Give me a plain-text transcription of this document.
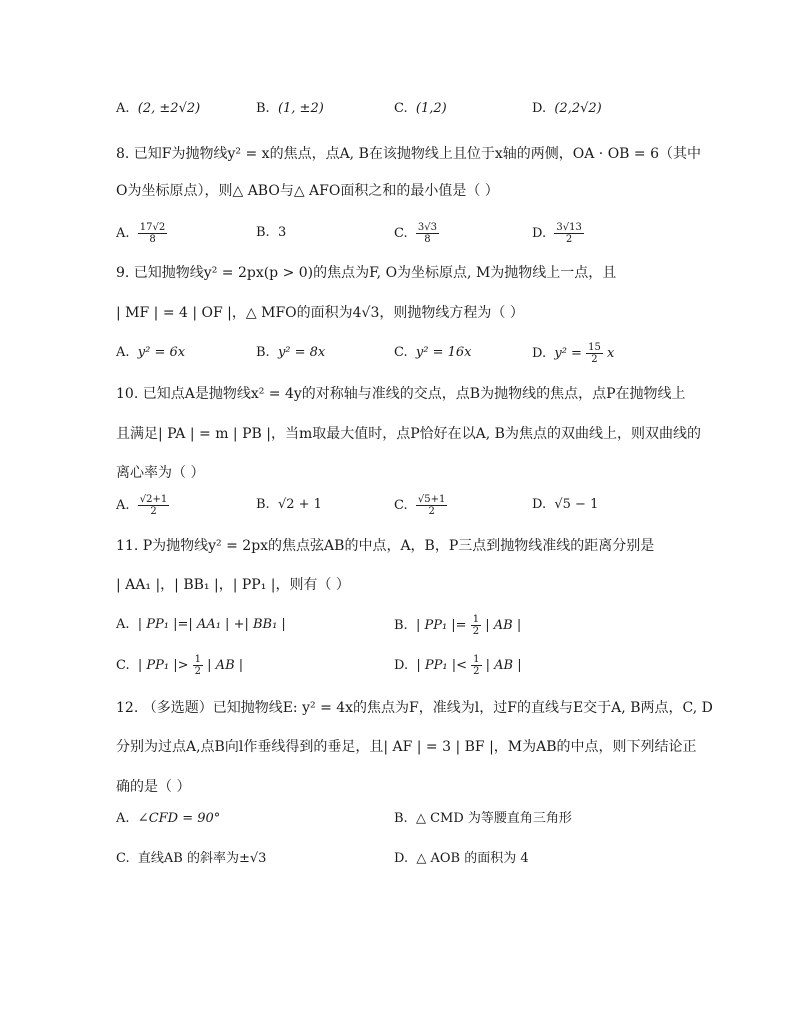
A. (2, ±2√2)	B. (1, ±2)	C. (1,2)	D. (2,2√2)
8. 已知F为抛物线y² = x的焦点，点A, B在该抛物线上且位于x轴的两侧，OA · OB = 6（其中
O为坐标原点），则△ ABO与△ AFO面积之和的最小值是（ ）
A. $\frac{17√2}{8}$	B. 3	C. $\frac{3√3}{8}$	D. $\frac{3√13}{2}$
9. 已知抛物线y² = 2px(p > 0)的焦点为F, O为坐标原点, M为抛物线上一点，且
| MF | = 4 | OF |，△ MFO的面积为4√3，则抛物线方程为（ ）
A. y² = 6x	B. y² = 8x	C. y² = 16x	D. $y^2 = \frac{15}{2}$ x
10. 已知点A是抛物线x² = 4y的对称轴与准线的交点，点B为抛物线的焦点，点P在抛物线上
且满足| PA | = m | PB |，当m取最大值时，点P恰好在以A, B为焦点的双曲线上，则双曲线的
离心率为（ ）
A. $\frac{√2+1}{2}$	B. √2 + 1	C. $\frac{√5+1}{2}$	D. √5 − 1
11. P为抛物线y² = 2px的焦点弦AB的中点，A，B，P三点到抛物线准线的距离分别是
| AA₁ |，| BB₁ |，| PP₁ |，则有（ ）
A. | PP₁ |=| AA₁ | +| BB₁ |	B. | PP₁ |= $\frac{1}{2}$ | AB |
C. | PP₁ |> $\frac{1}{2}$ | AB |	D. | PP₁ |< $\frac{1}{2}$ | AB |
12. （多选题）已知抛物线E: y² = 4x的焦点为F，准线为l，过F的直线与E交于A, B两点，C, D
分别为过点A,点B向l作垂线得到的垂足，且| AF | = 3 | BF |，M为AB的中点，则下列结论正
确的是（ ）
A. ∠CFD = 90°	B. △ CMD 为等腰直角三角形
C. 直线AB 的斜率为±√3	D. △ AOB 的面积为 4
